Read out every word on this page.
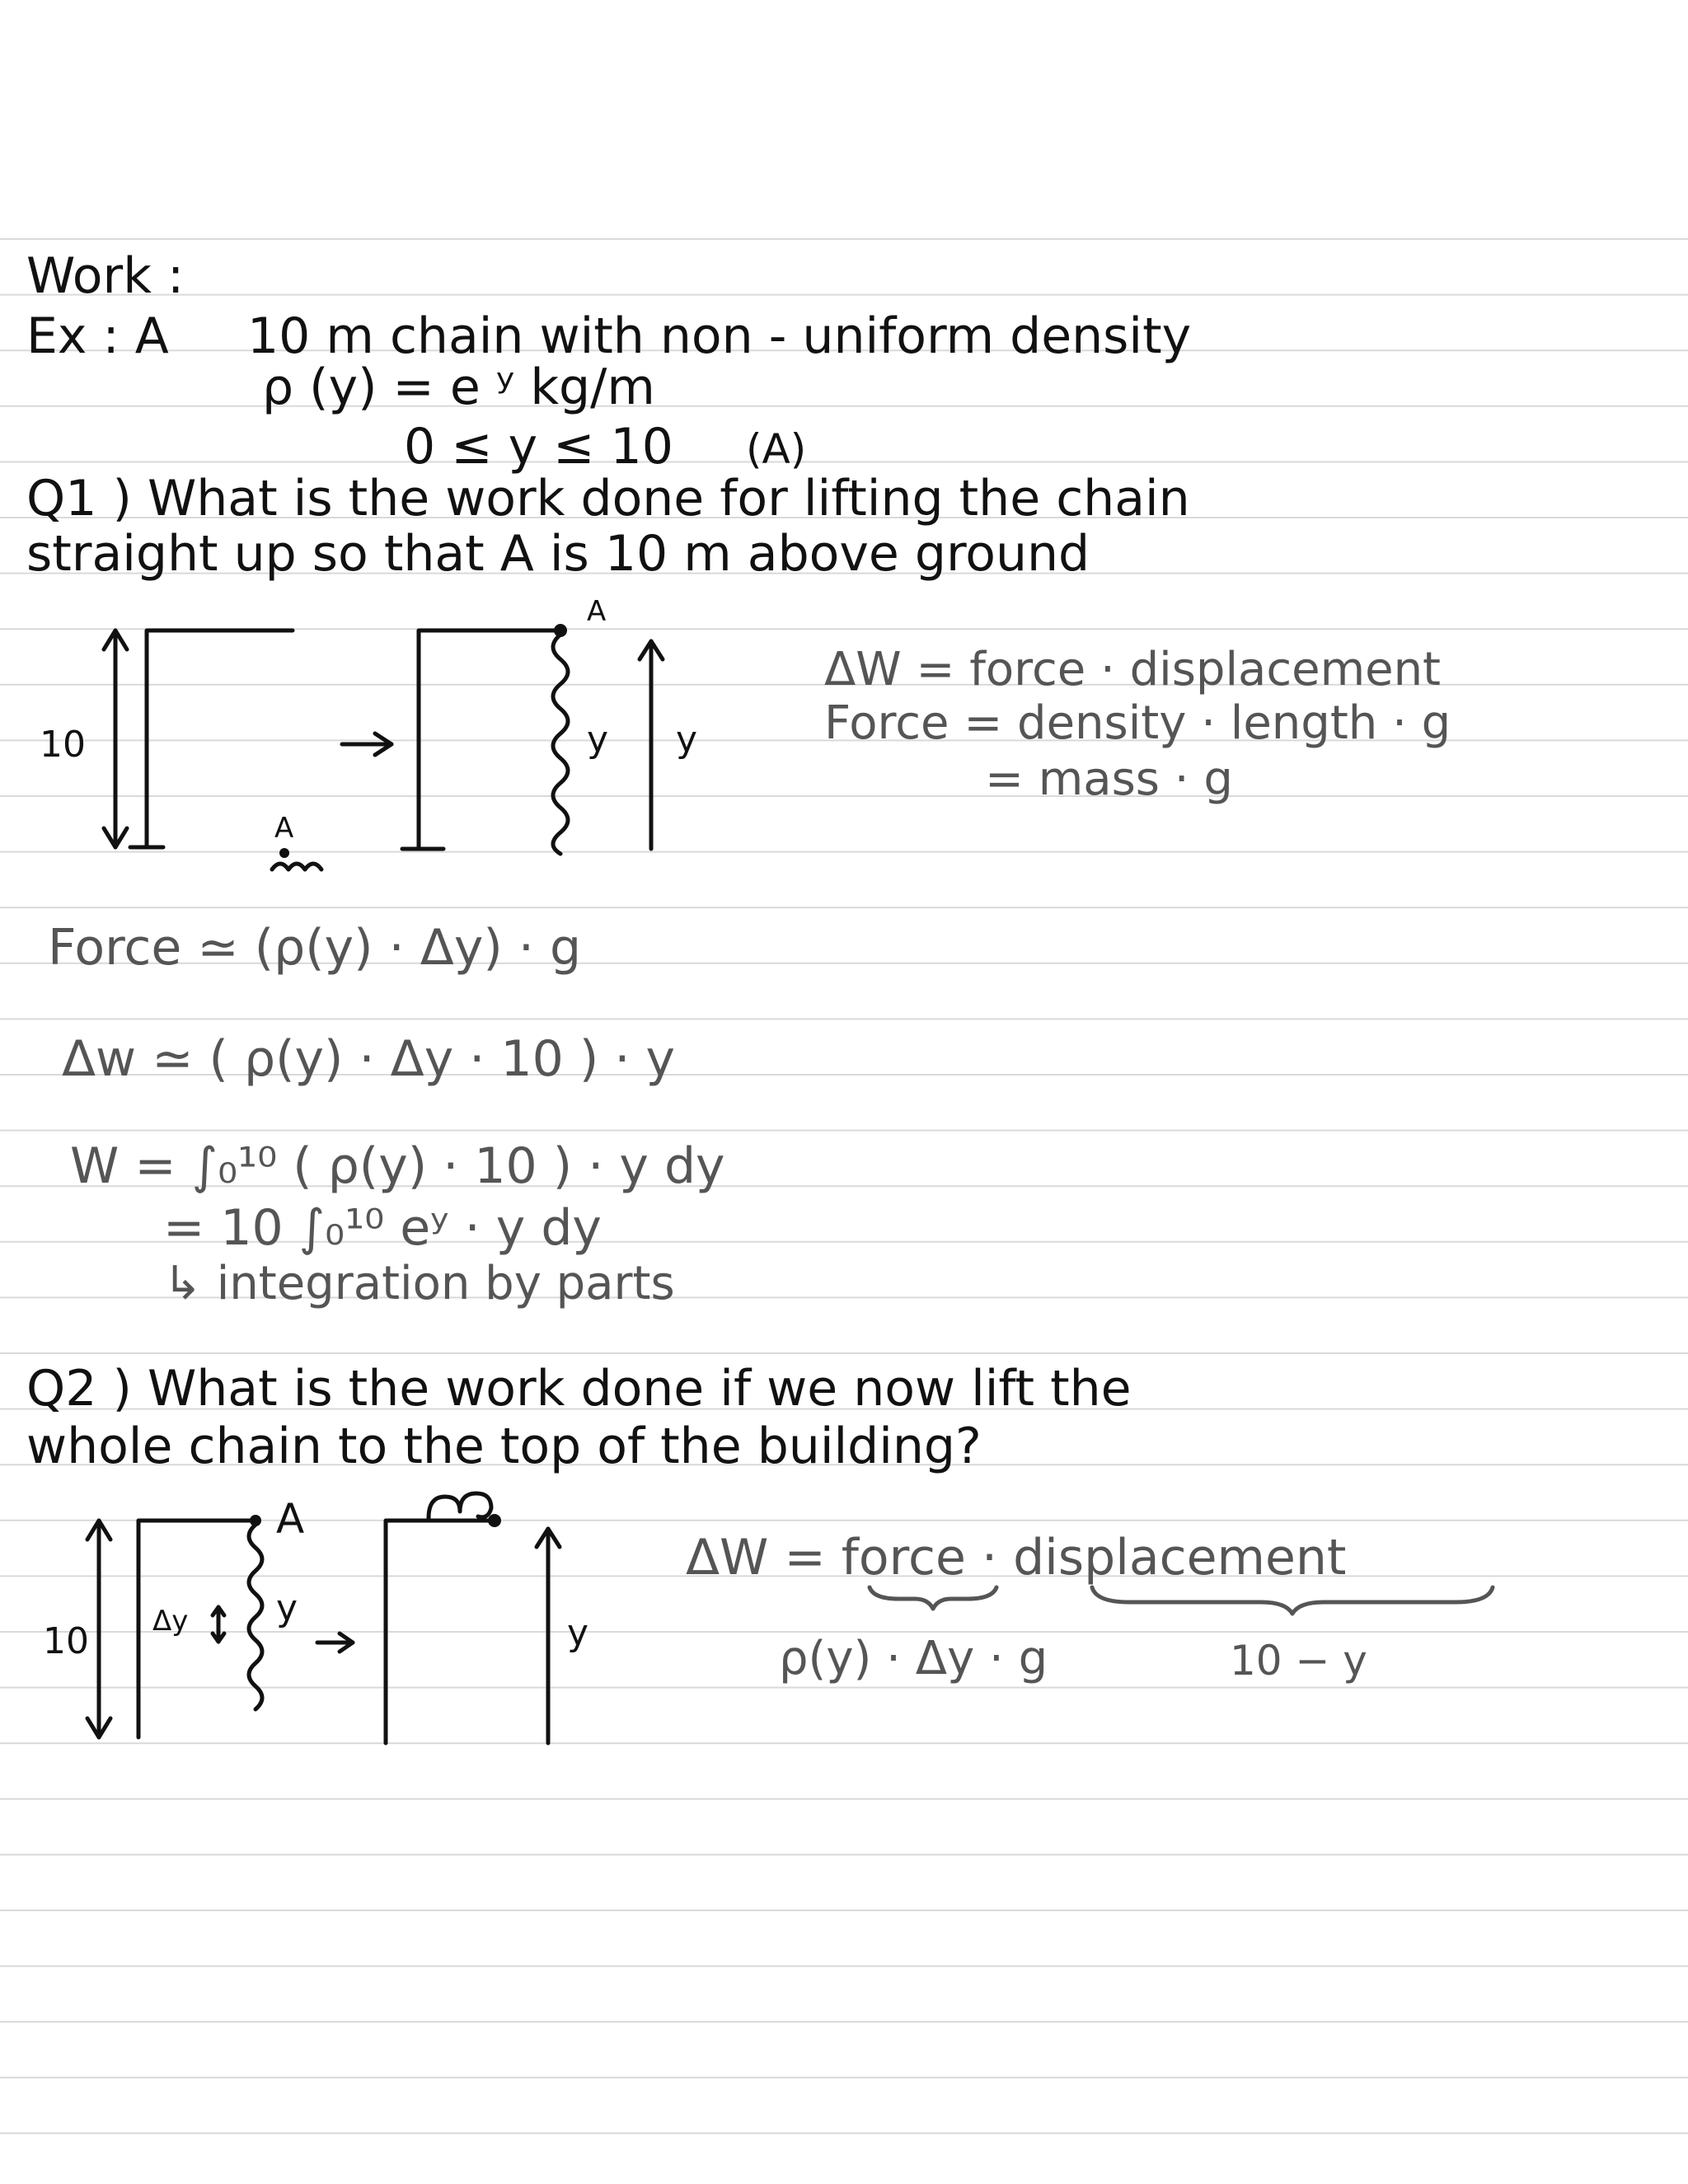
Work :
Ex : A 10 m chain with non - uniform density
ρ (y) = e ʸ kg/m
0 ≤ y ≤ 10 (A)
Q1 ) What is the work done for lifting the chain
straight up so that A is 10 m above ground
10
A
A
y y
ΔW = force · displacement
Force = density · length · g
= mass · g
Force ≃ (ρ(y) · Δy) · g
Δw ≃ ( ρ(y) · Δy · 10 ) · y
W = ∫₀¹⁰ ( ρ(y) · 10 ) · y dy
= 10 ∫₀¹⁰ eʸ · y dy
↳ integration by parts
Q2 ) What is the work done if we now lift the
whole chain to the top of the building?
10
A
Δy y
y
ΔW = force · displacement
ρ(y) · Δy · g	10 − y
